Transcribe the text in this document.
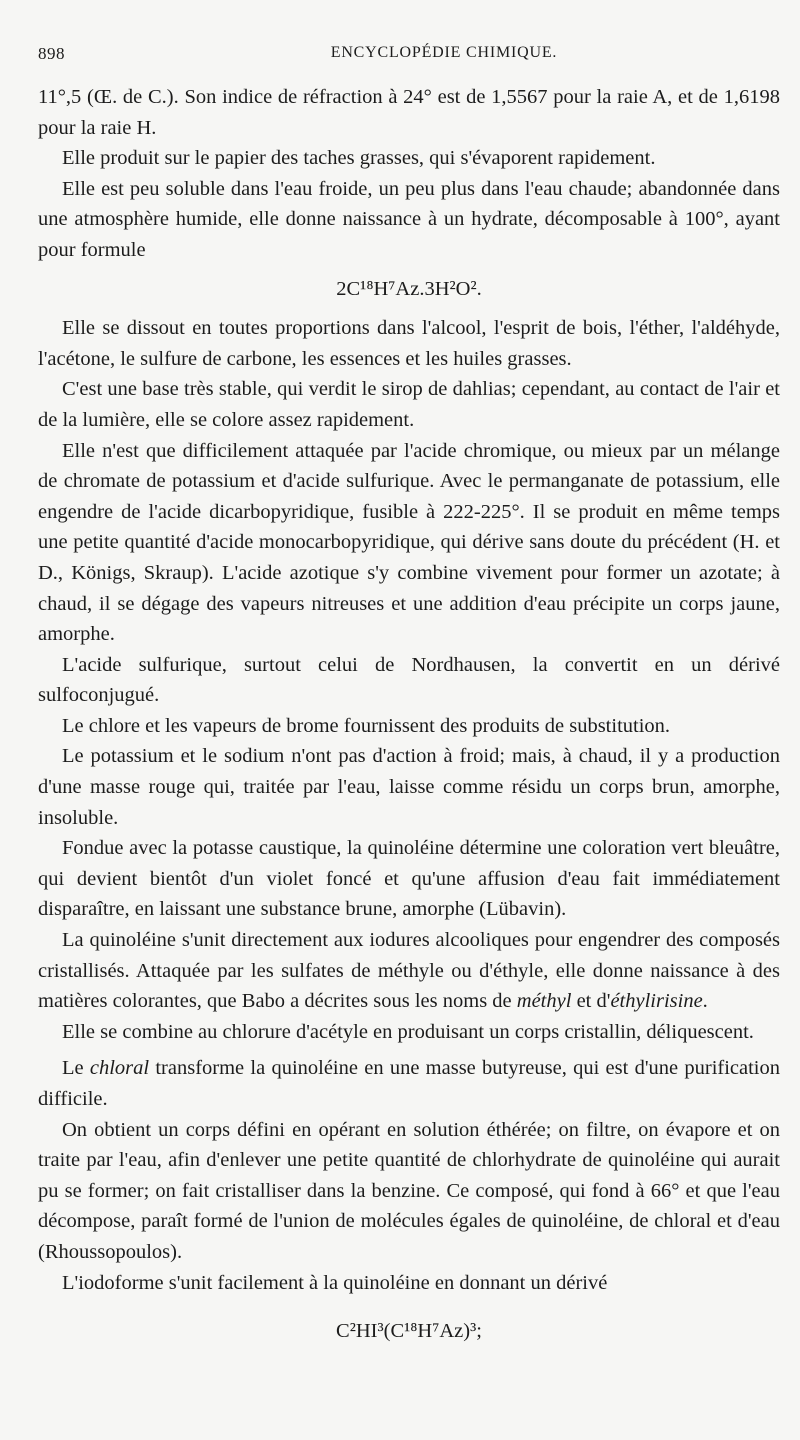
898	ENCYCLOPÉDIE CHIMIQUE.

11°,5 (Œ. de C.). Son indice de réfraction à 24° est de 1,5567 pour la raie A, et de 1,6198 pour la raie H.

Elle produit sur le papier des taches grasses, qui s'évaporent rapidement.

Elle est peu soluble dans l'eau froide, un peu plus dans l'eau chaude; abandonnée dans une atmosphère humide, elle donne naissance à un hydrate, décomposable à 100°, ayant pour formule

2C¹⁸H⁷Az.3H²O².

Elle se dissout en toutes proportions dans l'alcool, l'esprit de bois, l'éther, l'aldéhyde, l'acétone, le sulfure de carbone, les essences et les huiles grasses.

C'est une base très stable, qui verdit le sirop de dahlias; cependant, au contact de l'air et de la lumière, elle se colore assez rapidement.

Elle n'est que difficilement attaquée par l'acide chromique, ou mieux par un mélange de chromate de potassium et d'acide sulfurique. Avec le permanganate de potassium, elle engendre de l'acide dicarbopyridique, fusible à 222-225°. Il se produit en même temps une petite quantité d'acide monocarbopyridique, qui dérive sans doute du précédent (H. et D., Königs, Skraup). L'acide azotique s'y combine vivement pour former un azotate; à chaud, il se dégage des vapeurs nitreuses et une addition d'eau précipite un corps jaune, amorphe.

L'acide sulfurique, surtout celui de Nordhausen, la convertit en un dérivé sulfoconjugué.

Le chlore et les vapeurs de brome fournissent des produits de substitution.

Le potassium et le sodium n'ont pas d'action à froid; mais, à chaud, il y a production d'une masse rouge qui, traitée par l'eau, laisse comme résidu un corps brun, amorphe, insoluble.

Fondue avec la potasse caustique, la quinoléine détermine une coloration vert bleuâtre, qui devient bientôt d'un violet foncé et qu'une affusion d'eau fait immédiatement disparaître, en laissant une substance brune, amorphe (Lübavin).

La quinoléine s'unit directement aux iodures alcooliques pour engendrer des composés cristallisés. Attaquée par les sulfates de méthyle ou d'éthyle, elle donne naissance à des matières colorantes, que Babo a décrites sous les noms de méthyl et d'éthylirisine.

Elle se combine au chlorure d'acétyle en produisant un corps cristallin, déliquescent.

Le chloral transforme la quinoléine en une masse butyreuse, qui est d'une purification difficile.

On obtient un corps défini en opérant en solution éthérée; on filtre, on évapore et on traite par l'eau, afin d'enlever une petite quantité de chlorhydrate de quinoléine qui aurait pu se former; on fait cristalliser dans la benzine. Ce composé, qui fond à 66° et que l'eau décompose, paraît formé de l'union de molécules égales de quinoléine, de chloral et d'eau (Rhoussopoulos).

L'iodoforme s'unit facilement à la quinoléine en donnant un dérivé

C²HI³(C¹⁸H⁷Az)³;
